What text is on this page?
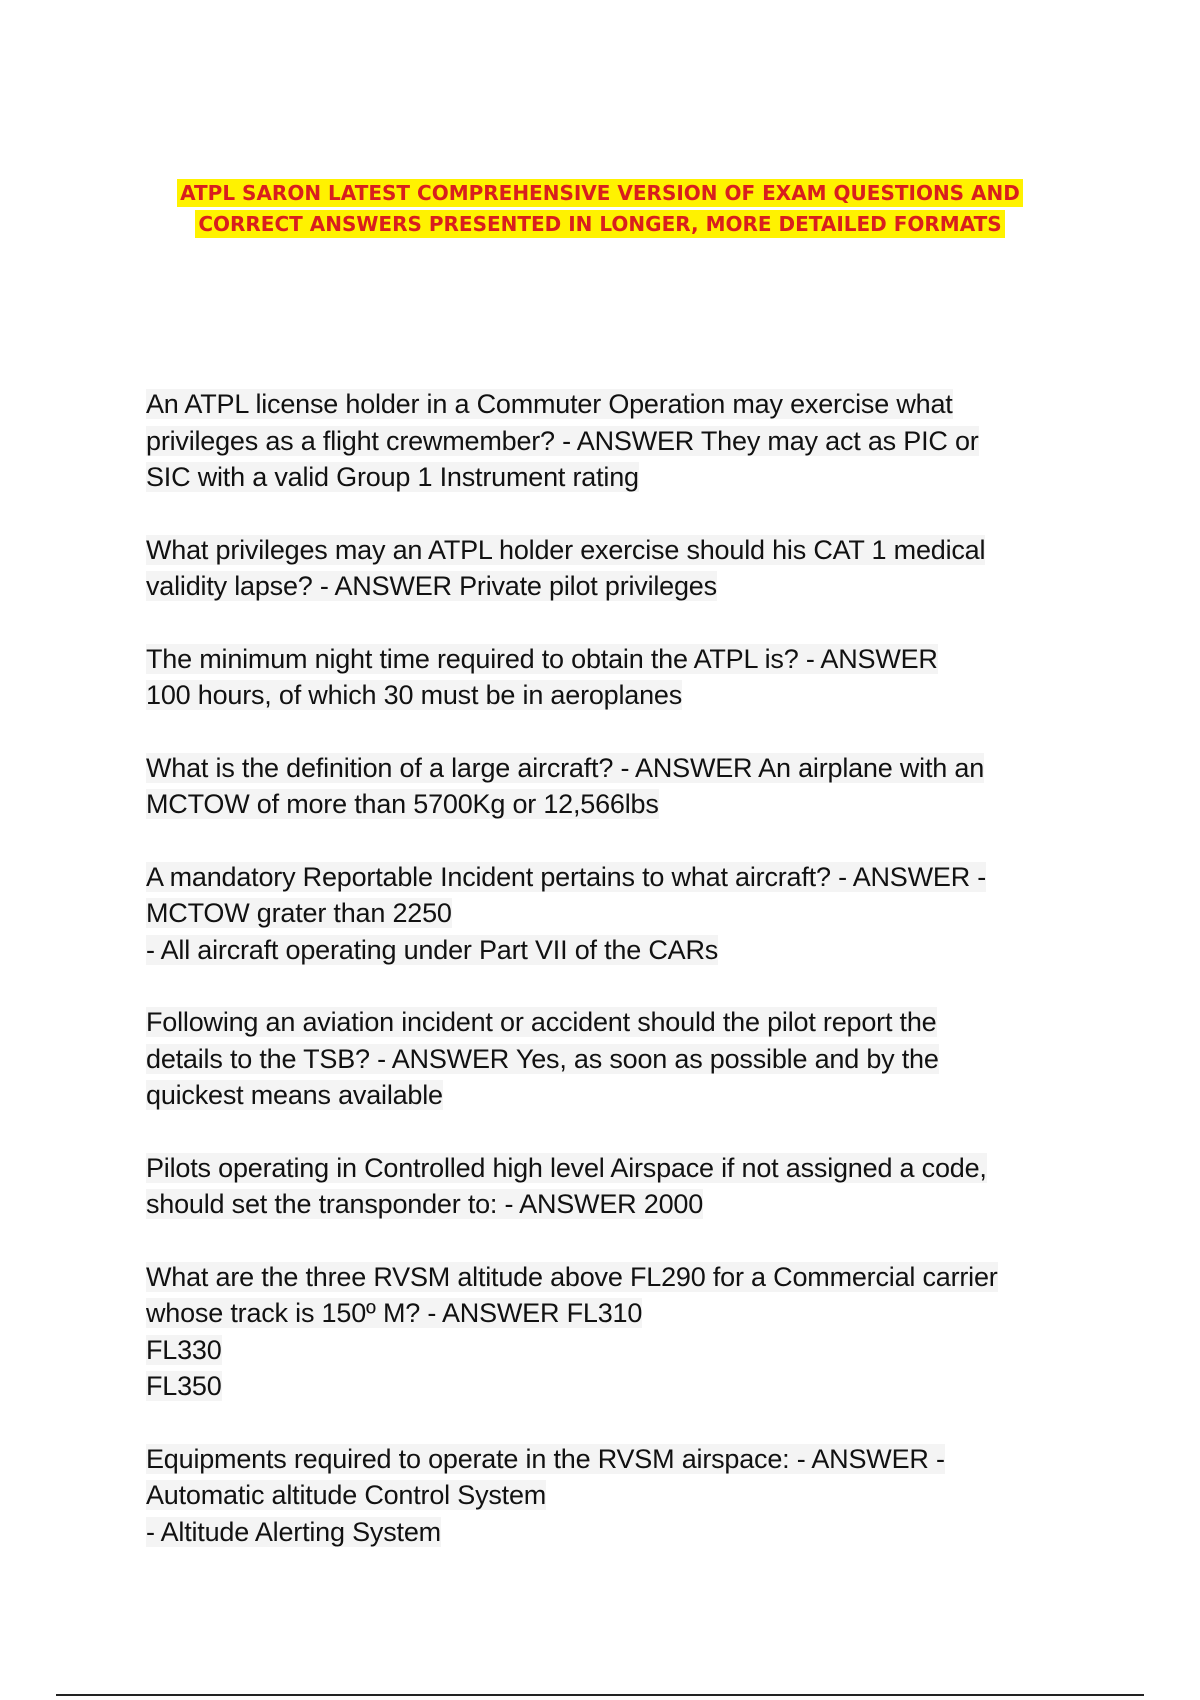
ATPL SARON LATEST COMPREHENSIVE VERSION OF EXAM QUESTIONS AND
CORRECT ANSWERS PRESENTED IN LONGER, MORE DETAILED FORMATS
An ATPL license holder in a Commuter Operation may exercise what
privileges as a flight crewmember? - ANSWER They may act as PIC or
SIC with a valid Group 1 Instrument rating
What privileges may an ATPL holder exercise should his CAT 1 medical
validity lapse? - ANSWER Private pilot privileges
The minimum night time required to obtain the ATPL is? - ANSWER
100 hours, of which 30 must be in aeroplanes
What is the definition of a large aircraft? - ANSWER An airplane with an
MCTOW of more than 5700Kg or 12,566lbs
A mandatory Reportable Incident pertains to what aircraft? - ANSWER -
MCTOW grater than 2250
- All aircraft operating under Part VII of the CARs
Following an aviation incident or accident should the pilot report the
details to the TSB? - ANSWER Yes, as soon as possible and by the
quickest means available
Pilots operating in Controlled high level Airspace if not assigned a code,
should set the transponder to: - ANSWER 2000
What are the three RVSM altitude above FL290 for a Commercial carrier
whose track is 150º M? - ANSWER FL310
FL330
FL350
Equipments required to operate in the RVSM airspace: - ANSWER -
Automatic altitude Control System
- Altitude Alerting System
